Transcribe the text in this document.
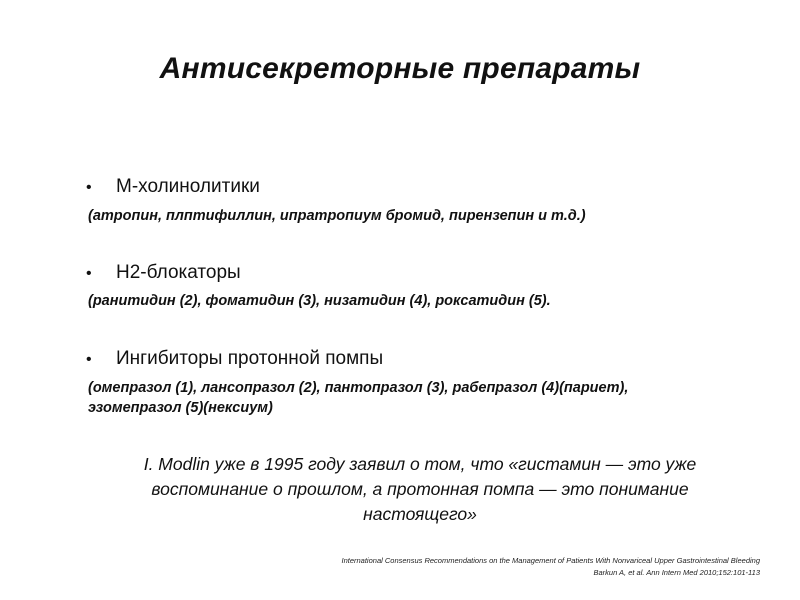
Антисекреторные препараты
• М-холинолитики
(атропин, плптифиллин, ипратропиум бромид, пирензепин и т.д.)
• Н2-блокаторы
(ранитидин (2), фоматидин (3), низатидин (4), роксатидин (5).
• Ингибиторы протонной помпы
(омепразол (1), лансопразол (2), пантопразол (3), рабепразол (4)(париет),
эзомепразол (5)(нексиум)
I. Modlin уже в 1995 году заявил о том, что «гистамин — это уже
воспоминание о прошлом, а протонная помпа — это понимание
настоящего»
International Consensus Recommendations on the Management of Patients With Nonvariceal Upper Gastrointestinal Bleeding
Barkun A, et al. Ann Intern Med 2010;152:101-113
